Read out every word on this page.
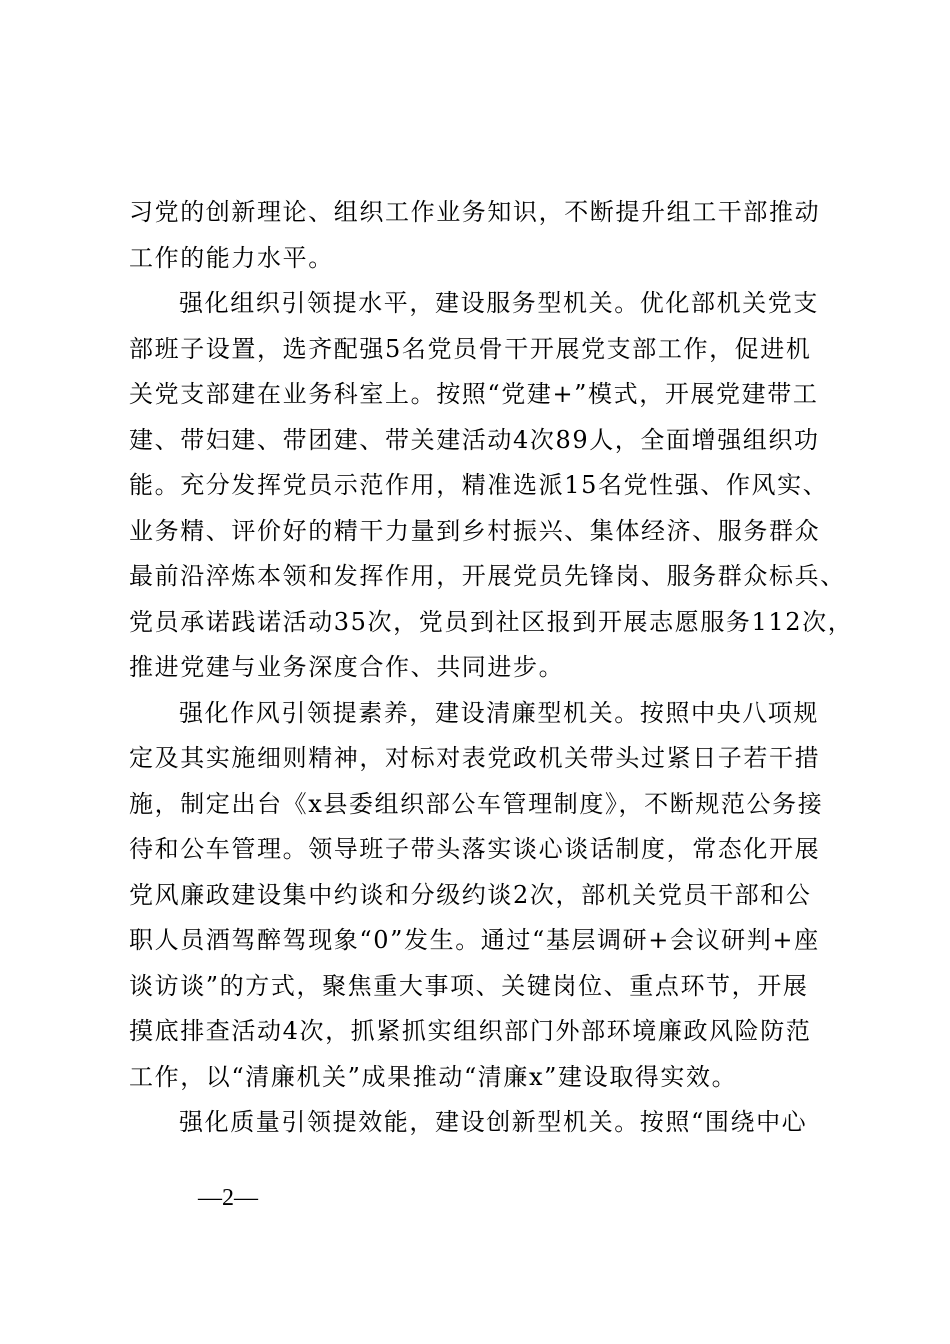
习党的创新理论、组织工作业务知识，不断提升组工干部推动
工作的能力水平。
强化组织引领提水平，建设服务型机关。优化部机关党支
部班子设置，选齐配强5名党员骨干开展党支部工作，促进机
关党支部建在业务科室上。按照“党建+”模式，开展党建带工
建、带妇建、带团建、带关建活动4次89人，全面增强组织功
能。充分发挥党员示范作用，精准选派15名党性强、作风实、
业务精、评价好的精干力量到乡村振兴、集体经济、服务群众
最前沿淬炼本领和发挥作用，开展党员先锋岗、服务群众标兵、
党员承诺践诺活动35次，党员到社区报到开展志愿服务112次，
推进党建与业务深度合作、共同进步。
强化作风引领提素养，建设清廉型机关。按照中央八项规
定及其实施细则精神，对标对表党政机关带头过紧日子若干措
施，制定出台《x县委组织部公车管理制度》，不断规范公务接
待和公车管理。领导班子带头落实谈心谈话制度，常态化开展
党风廉政建设集中约谈和分级约谈2次，部机关党员干部和公
职人员酒驾醉驾现象“0”发生。通过“基层调研+会议研判+座
谈访谈”的方式，聚焦重大事项、关键岗位、重点环节，开展
摸底排查活动4次，抓紧抓实组织部门外部环境廉政风险防范
工作，以“清廉机关”成果推动“清廉x”建设取得实效。
强化质量引领提效能，建设创新型机关。按照“围绕中心
—2—
